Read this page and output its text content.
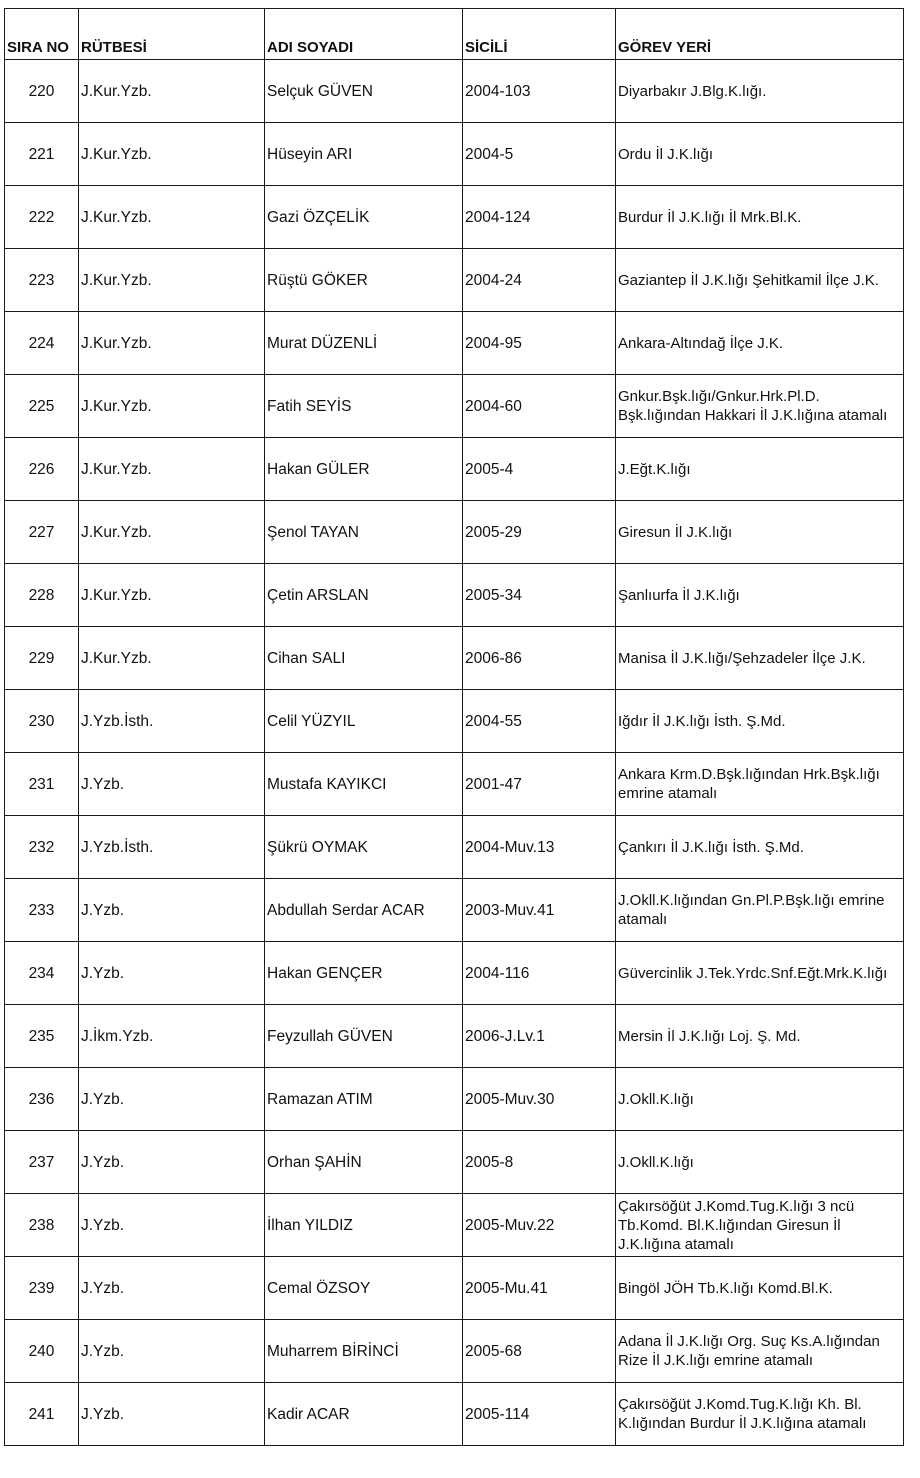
SIRA NO	RÜTBESİ	ADI SOYADI	SİCİLİ	GÖREV YERİ
220	J.Kur.Yzb.	Selçuk GÜVEN	2004-103	Diyarbakır J.Blg.K.lığı.
221	J.Kur.Yzb.	Hüseyin ARI	2004-5	Ordu İl J.K.lığı
222	J.Kur.Yzb.	Gazi ÖZÇELİK	2004-124	Burdur İl J.K.lığı İl Mrk.Bl.K.
223	J.Kur.Yzb.	Rüştü GÖKER	2004-24	Gaziantep İl J.K.lığı Şehitkamil İlçe J.K.
224	J.Kur.Yzb.	Murat DÜZENLİ	2004-95	Ankara-Altındağ İlçe J.K.
225	J.Kur.Yzb.	Fatih SEYİS	2004-60	Gnkur.Bşk.lığı/Gnkur.Hrk.Pl.D. Bşk.lığından Hakkari İl J.K.lığına atamalı
226	J.Kur.Yzb.	Hakan GÜLER	2005-4	J.Eğt.K.lığı
227	J.Kur.Yzb.	Şenol TAYAN	2005-29	Giresun İl J.K.lığı
228	J.Kur.Yzb.	Çetin ARSLAN	2005-34	Şanlıurfa İl J.K.lığı
229	J.Kur.Yzb.	Cihan SALI	2006-86	Manisa İl J.K.lığı/Şehzadeler İlçe J.K.
230	J.Yzb.İsth.	Celil YÜZYIL	2004-55	Iğdır İl J.K.lığı İsth. Ş.Md.
231	J.Yzb.	Mustafa KAYIKCI	2001-47	Ankara Krm.D.Bşk.lığından Hrk.Bşk.lığı emrine atamalı
232	J.Yzb.İsth.	Şükrü OYMAK	2004-Muv.13	Çankırı İl J.K.lığı İsth. Ş.Md.
233	J.Yzb.	Abdullah Serdar ACAR	2003-Muv.41	J.Okll.K.lığından Gn.Pl.P.Bşk.lığı emrine atamalı
234	J.Yzb.	Hakan GENÇER	2004-116	Güvercinlik J.Tek.Yrdc.Snf.Eğt.Mrk.K.lığı
235	J.İkm.Yzb.	Feyzullah GÜVEN	2006-J.Lv.1	Mersin İl J.K.lığı Loj. Ş. Md.
236	J.Yzb.	Ramazan ATIM	2005-Muv.30	J.Okll.K.lığı
237	J.Yzb.	Orhan ŞAHİN	2005-8	J.Okll.K.lığı
238	J.Yzb.	İlhan YILDIZ	2005-Muv.22	Çakırsöğüt J.Komd.Tug.K.lığı 3 ncü Tb.Komd. Bl.K.lığından Giresun İl J.K.lığına atamalı
239	J.Yzb.	Cemal ÖZSOY	2005-Mu.41	Bingöl JÖH Tb.K.lığı Komd.Bl.K.
240	J.Yzb.	Muharrem BİRİNCİ	2005-68	Adana İl J.K.lığı Org. Suç Ks.A.lığından Rize İl J.K.lığı emrine atamalı
241	J.Yzb.	Kadir ACAR	2005-114	Çakırsöğüt J.Komd.Tug.K.lığı Kh. Bl. K.lığından Burdur İl J.K.lığına atamalı
